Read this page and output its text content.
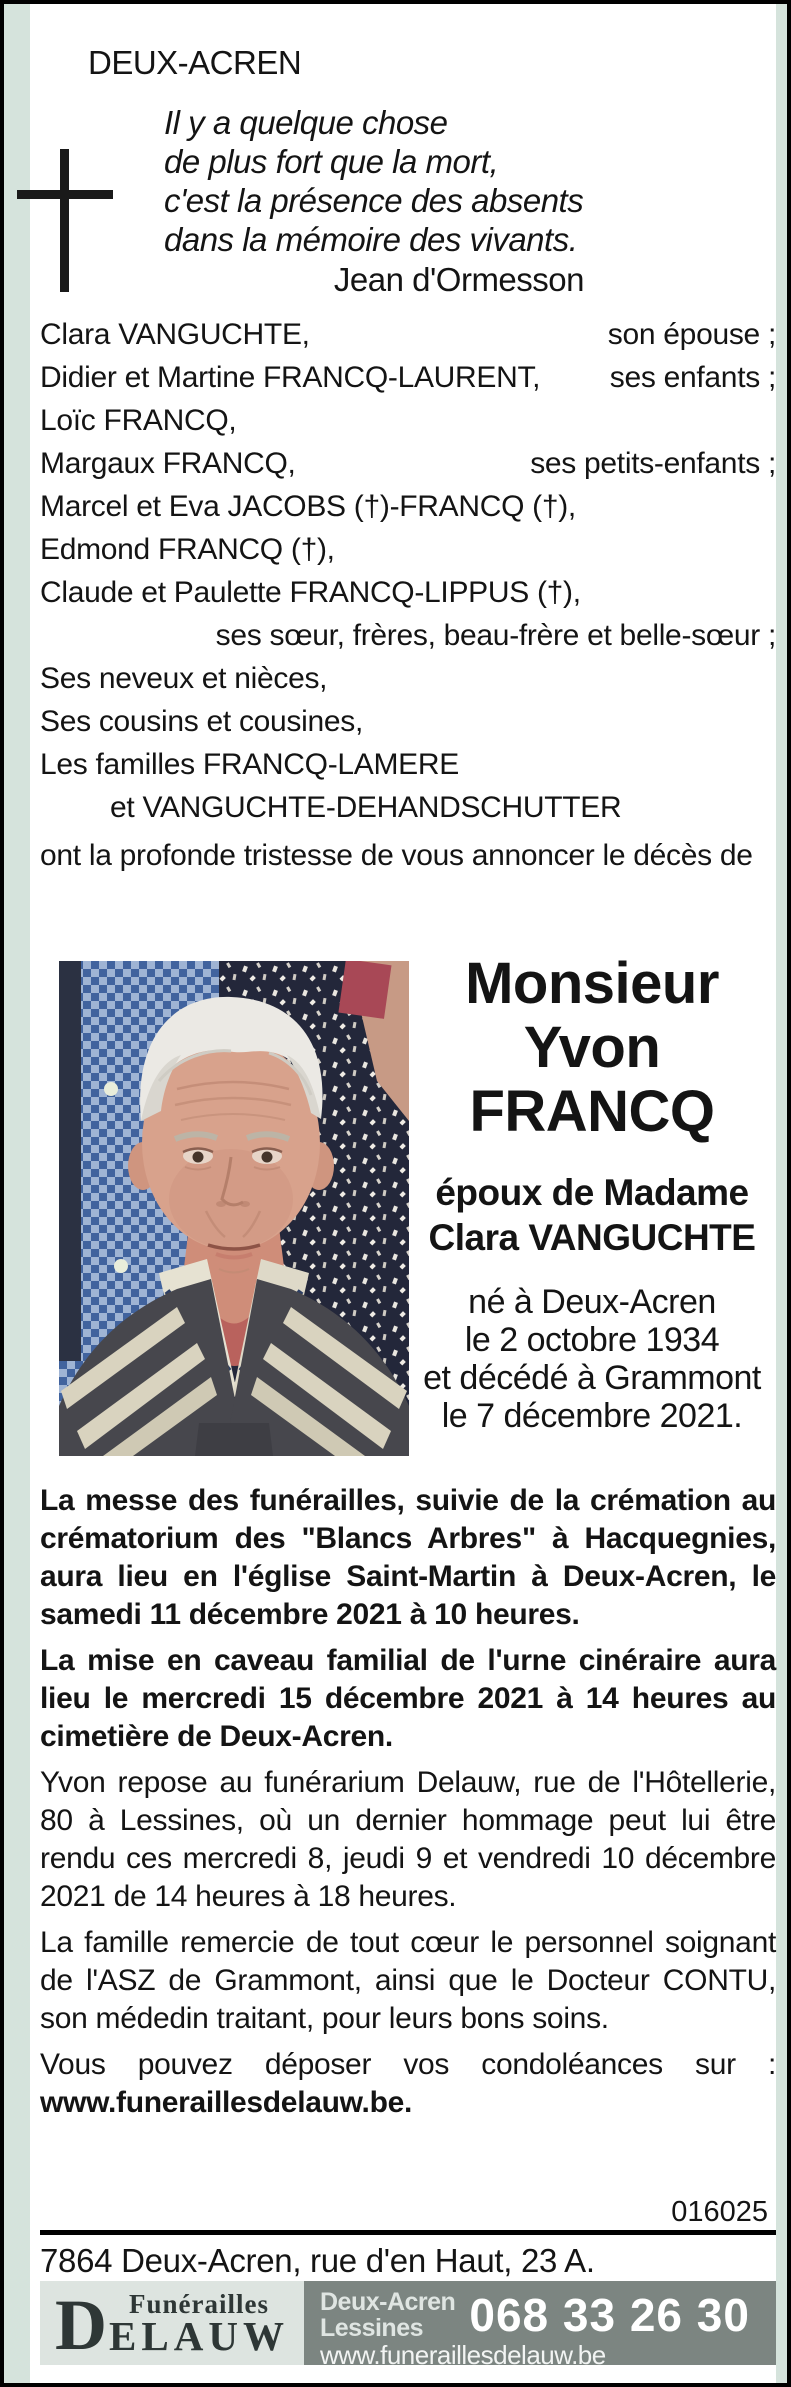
DEUX-ACREN
Il y a quelque chose
de plus fort que la mort,
c'est la présence des absents
dans la mémoire des vivants.
Jean d'Ormesson
Clara VANGUCHTE,	son épouse ;
Didier et Martine FRANCQ-LAURENT, ses enfants ;
Loïc FRANCQ,
Margaux FRANCQ,	ses petits-enfants ;
Marcel et Eva JACOBS (†)-FRANCQ (†),
Edmond FRANCQ (†),
Claude et Paulette FRANCQ-LIPPUS (†),
ses sœur, frères, beau-frère et belle-sœur ;
Ses neveux et nièces,
Ses cousins et cousines,
Les familles FRANCQ-LAMERE
et VANGUCHTE-DEHANDSCHUTTER
ont la profonde tristesse de vous annoncer le décès de
Monsieur
Yvon
FRANCQ
époux de Madame
Clara VANGUCHTE
né à Deux-Acren
le 2 octobre 1934
et décédé à Grammont
le 7 décembre 2021.

La messe des funérailles, suivie de la crémation au crématorium des "Blancs Arbres" à Hacquegnies, aura lieu en l'église Saint-Martin à Deux-Acren, le samedi 11 décembre 2021 à 10 heures.

La mise en caveau familial de l'urne cinéraire aura lieu le mercredi 15 décembre 2021 à 14 heures au cimetière de Deux-Acren.

Yvon repose au funérarium Delauw, rue de l'Hôtellerie, 80 à Lessines, où un dernier hommage peut lui être rendu ces mercredi 8, jeudi 9 et vendredi 10 décembre 2021 de 14 heures à 18 heures.

La famille remercie de tout cœur le personnel soignant de l'ASZ de Grammont, ainsi que le Docteur CONTU, son médedin traitant, pour leurs bons soins.

Vous pouvez déposer vos condoléances sur : www.funeraillesdelauw.be.

016025
7864 Deux-Acren, rue d'en Haut, 23 A.
D Funérailles
ELAUW
Deux-Acren
Lessines	068 33 26 30
www.funeraillesdelauw.be
